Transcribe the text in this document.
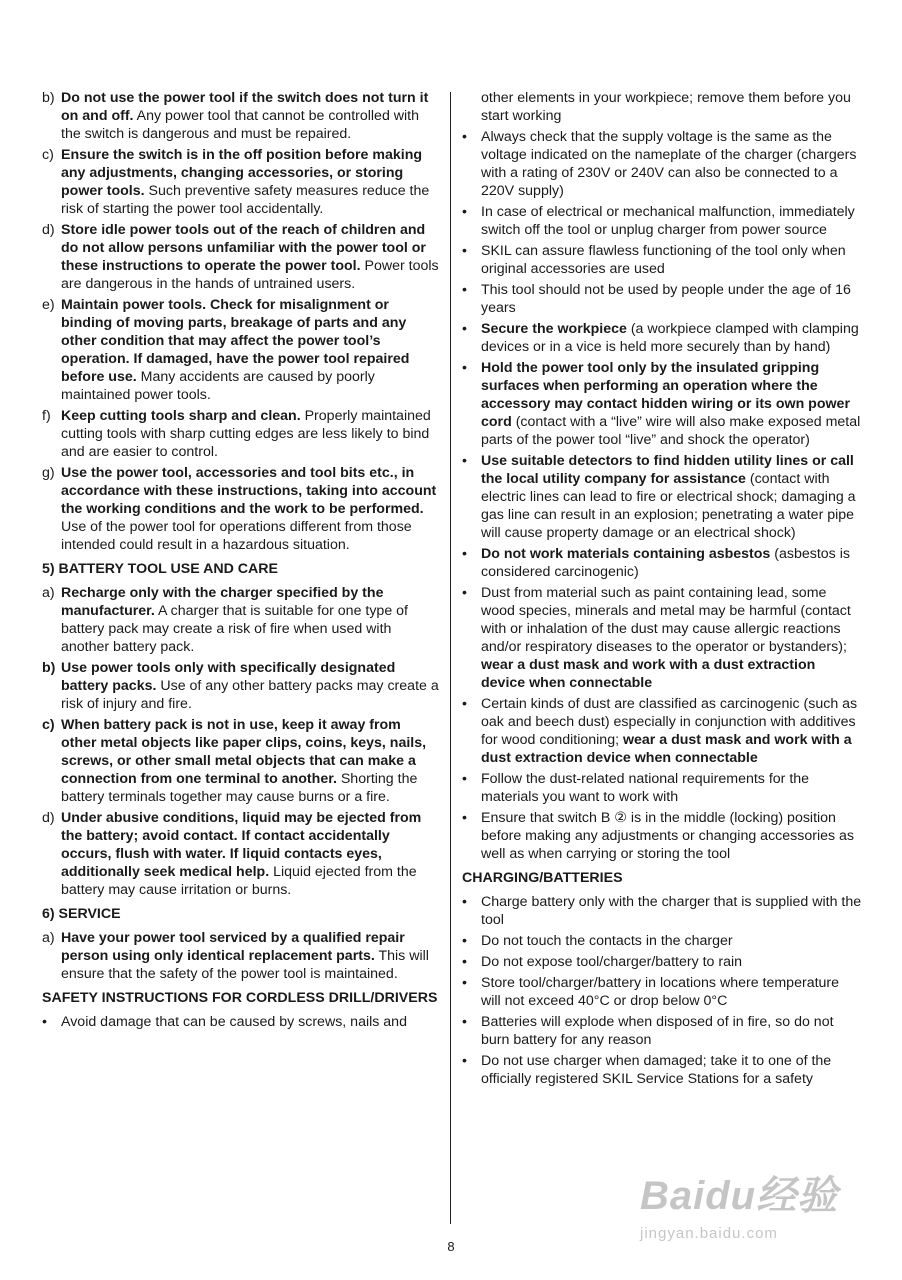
b) Do not use the power tool if the switch does not turn it on and off. Any power tool that cannot be controlled with the switch is dangerous and must be repaired.
c) Ensure the switch is in the off position before making any adjustments, changing accessories, or storing power tools. Such preventive safety measures reduce the risk of starting the power tool accidentally.
d) Store idle power tools out of the reach of children and do not allow persons unfamiliar with the power tool or these instructions to operate the power tool. Power tools are dangerous in the hands of untrained users.
e) Maintain power tools. Check for misalignment or binding of moving parts, breakage of parts and any other condition that may affect the power tool’s operation. If damaged, have the power tool repaired before use. Many accidents are caused by poorly maintained power tools.
f) Keep cutting tools sharp and clean. Properly maintained cutting tools with sharp cutting edges are less likely to bind and are easier to control.
g) Use the power tool, accessories and tool bits etc., in accordance with these instructions, taking into account the working conditions and the work to be performed. Use of the power tool for operations different from those intended could result in a hazardous situation.
5) BATTERY TOOL USE AND CARE
a) Recharge only with the charger specified by the manufacturer. A charger that is suitable for one type of battery pack may create a risk of fire when used with another battery pack.
b) Use power tools only with specifically designated battery packs. Use of any other battery packs may create a risk of injury and fire.
c) When battery pack is not in use, keep it away from other metal objects like paper clips, coins, keys, nails, screws, or other small metal objects that can make a connection from one terminal to another. Shorting the battery terminals together may cause burns or a fire.
d) Under abusive conditions, liquid may be ejected from the battery; avoid contact. If contact accidentally occurs, flush with water. If liquid contacts eyes, additionally seek medical help. Liquid ejected from the battery may cause irritation or burns.
6) SERVICE
a) Have your power tool serviced by a qualified repair person using only identical replacement parts. This will ensure that the safety of the power tool is maintained.
SAFETY INSTRUCTIONS FOR CORDLESS DRILL/DRIVERS
• Avoid damage that can be caused by screws, nails and
other elements in your workpiece; remove them before you start working
• Always check that the supply voltage is the same as the voltage indicated on the nameplate of the charger (chargers with a rating of 230V or 240V can also be connected to a 220V supply)
• In case of electrical or mechanical malfunction, immediately switch off the tool or unplug charger from power source
• SKIL can assure flawless functioning of the tool only when original accessories are used
• This tool should not be used by people under the age of 16 years
• Secure the workpiece (a workpiece clamped with clamping devices or in a vice is held more securely than by hand)
• Hold the power tool only by the insulated gripping surfaces when performing an operation where the accessory may contact hidden wiring or its own power cord (contact with a “live” wire will also make exposed metal parts of the power tool “live” and shock the operator)
• Use suitable detectors to find hidden utility lines or call the local utility company for assistance (contact with electric lines can lead to fire or electrical shock; damaging a gas line can result in an explosion; penetrating a water pipe will cause property damage or an electrical shock)
• Do not work materials containing asbestos (asbestos is considered carcinogenic)
• Dust from material such as paint containing lead, some wood species, minerals and metal may be harmful (contact with or inhalation of the dust may cause allergic reactions and/or respiratory diseases to the operator or bystanders); wear a dust mask and work with a dust extraction device when connectable
• Certain kinds of dust are classified as carcinogenic (such as oak and beech dust) especially in conjunction with additives for wood conditioning; wear a dust mask and work with a dust extraction device when connectable
• Follow the dust-related national requirements for the materials you want to work with
• Ensure that switch B ② is in the middle (locking) position before making any adjustments or changing accessories as well as when carrying or storing the tool
CHARGING/BATTERIES
• Charge battery only with the charger that is supplied with the tool
• Do not touch the contacts in the charger
• Do not expose tool/charger/battery to rain
• Store tool/charger/battery in locations where temperature will not exceed 40°C or drop below 0°C
• Batteries will explode when disposed of in fire, so do not burn battery for any reason
• Do not use charger when damaged; take it to one of the officially registered SKIL Service Stations for a safety
8
Baidu经验
jingyan.baidu.com
